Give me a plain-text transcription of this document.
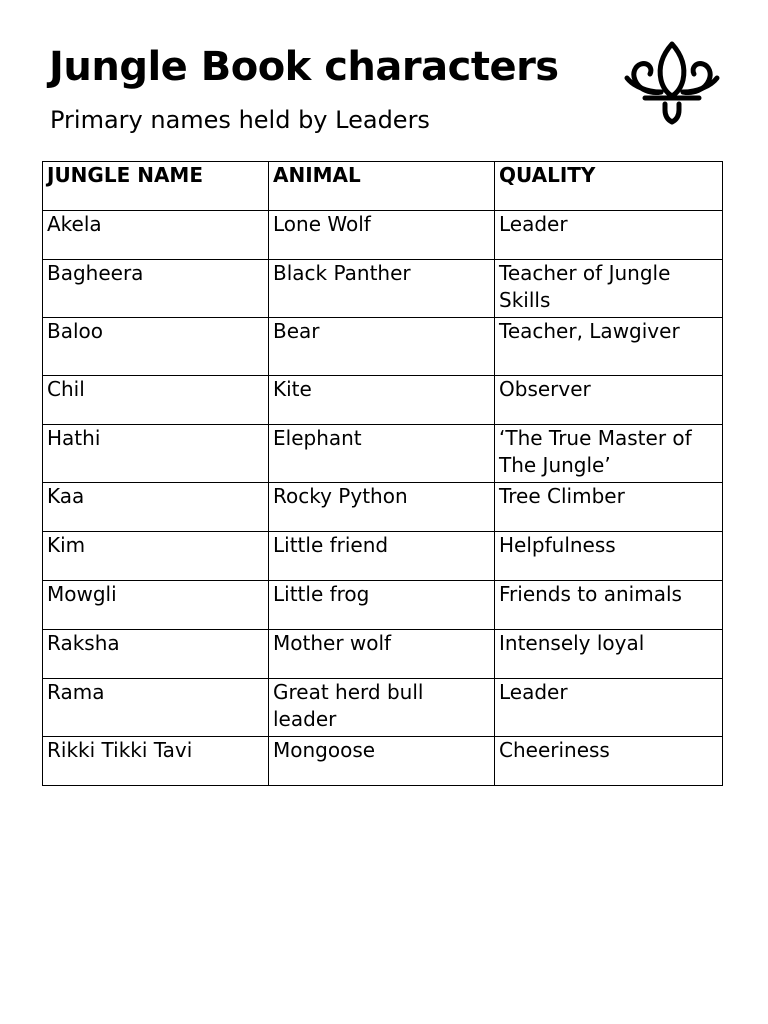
Jungle Book characters

Primary names held by Leaders

JUNGLE NAME	ANIMAL	QUALITY
Akela	Lone Wolf	Leader
Bagheera	Black Panther	Teacher of Jungle Skills
Baloo	Bear	Teacher, Lawgiver
Chil	Kite	Observer
Hathi	Elephant	‘The True Master of The Jungle’
Kaa	Rocky Python	Tree Climber
Kim	Little friend	Helpfulness
Mowgli	Little frog	Friends to animals
Raksha	Mother wolf	Intensely loyal
Rama	Great herd bull leader	Leader
Rikki Tikki Tavi	Mongoose	Cheeriness
